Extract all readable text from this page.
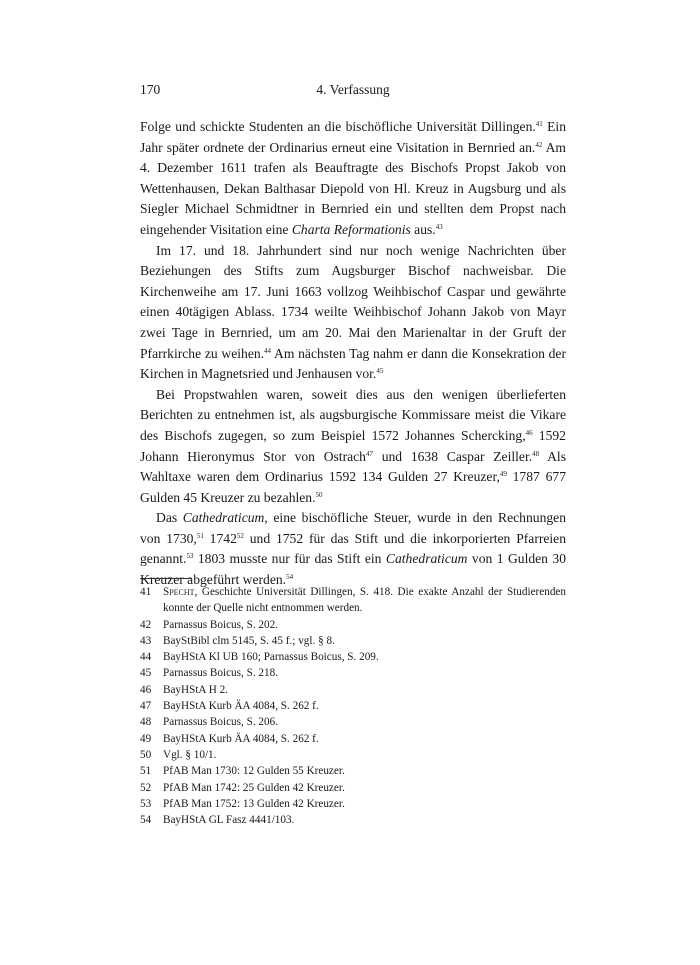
170	4. Verfassung

Folge und schickte Studenten an die bischöfliche Universität Dillingen.$^{41}$ Ein Jahr später ordnete der Ordinarius erneut eine Visitation in Bernried an.$^{42}$ Am 4. Dezember 1611 trafen als Beauftragte des Bischofs Propst Jakob von Wettenhausen, Dekan Balthasar Diepold von Hl. Kreuz in Augsburg und als Siegler Michael Schmidtner in Bernried ein und stellten dem Propst nach eingehender Visitation eine Charta Reformationis aus.$^{43}$

Im 17. und 18. Jahrhundert sind nur noch wenige Nachrichten über Beziehungen des Stifts zum Augsburger Bischof nachweisbar. Die Kirchenweihe am 17. Juni 1663 vollzog Weihbischof Caspar und gewährte einen 40tägigen Ablass. 1734 weilte Weihbischof Johann Jakob von Mayr zwei Tage in Bernried, um am 20. Mai den Marienaltar in der Gruft der Pfarrkirche zu weihen.$^{44}$ Am nächsten Tag nahm er dann die Konsekration der Kirchen in Magnetsried und Jenhausen vor.$^{45}$

Bei Propstwahlen waren, soweit dies aus den wenigen überlieferten Berichten zu entnehmen ist, als augsburgische Kommissare meist die Vikare des Bischofs zugegen, so zum Beispiel 1572 Johannes Schercking,$^{46}$ 1592 Johann Hieronymus Stor von Ostrach$^{47}$ und 1638 Caspar Zeiller.$^{48}$ Als Wahltaxe waren dem Ordinarius 1592 134 Gulden 27 Kreuzer,$^{49}$ 1787 677 Gulden 45 Kreuzer zu bezahlen.$^{50}$

Das Cathedraticum, eine bischöfliche Steuer, wurde in den Rechnungen von 1730,51 1742$^{52}$ und 1752 für das Stift und die inkorporierten Pfarreien genannt.$^{53}$ 1803 musste nur für das Stift ein Cathedraticum von 1 Gulden 30 Kreuzer abgeführt werden.$^{54}$

41 Specht, Geschichte Universität Dillingen, S. 418. Die exakte Anzahl der Studierenden konnte der Quelle nicht entnommen werden.
42 Parnassus Boicus, S. 202.
43 BayStBibl clm 5145, S. 45 f.; vgl. § 8.
44 BayHStA Kl UB 160; Parnassus Boicus, S. 209.
45 Parnassus Boicus, S. 218.
46 BayHStA H 2.
47 BayHStA Kurb ÄA 4084, S. 262 f.
48 Parnassus Boicus, S. 206.
49 BayHStA Kurb ÄA 4084, S. 262 f.
50 Vgl. § 10/1.
51 PfAB Man 1730: 12 Gulden 55 Kreuzer.
52 PfAB Man 1742: 25 Gulden 42 Kreuzer.
53 PfAB Man 1752: 13 Gulden 42 Kreuzer.
54 BayHStA GL Fasz 4441/103.
